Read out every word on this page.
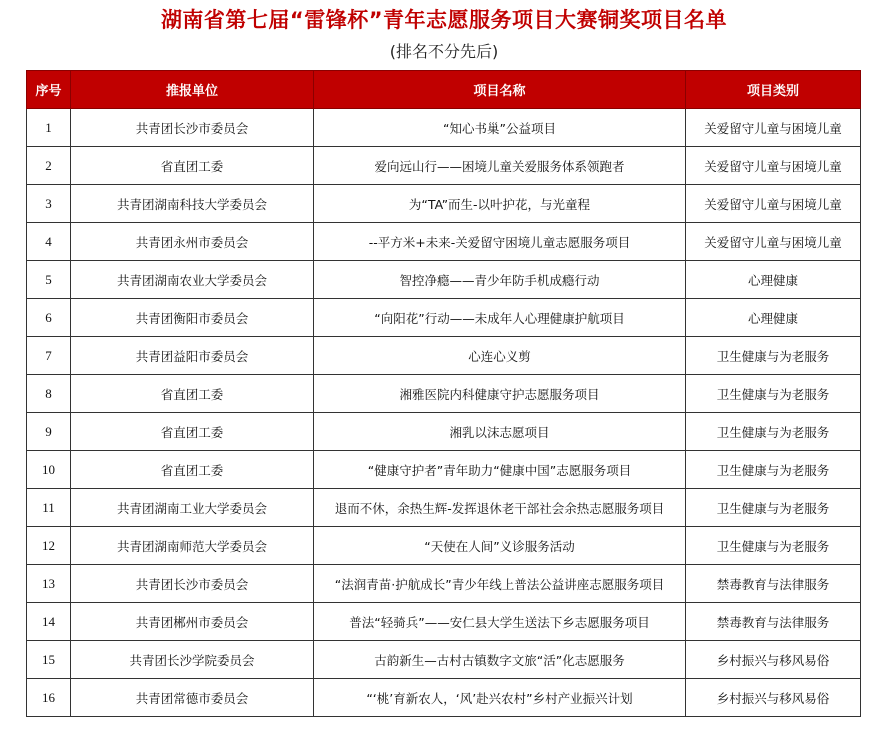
湖南省第七届“雷锋杯”青年志愿服务项目大赛铜奖项目名单
(排名不分先后)
序号	推报单位	项目名称	项目类别
1	共青团长沙市委员会	“知心书巢”公益项目	关爱留守儿童与困境儿童
2	省直团工委	爱向远山行——困境儿童关爱服务体系领跑者	关爱留守儿童与困境儿童
3	共青团湖南科技大学委员会	为“TA”而生-以叶护花，与光童程	关爱留守儿童与困境儿童
4	共青团永州市委员会	--平方米+未来-关爱留守困境儿童志愿服务项目	关爱留守儿童与困境儿童
5	共青团湖南农业大学委员会	智控净瘾——青少年防手机成瘾行动	心理健康
6	共青团衡阳市委员会	“向阳花”行动——未成年人心理健康护航项目	心理健康
7	共青团益阳市委员会	心连心义剪	卫生健康与为老服务
8	省直团工委	湘雅医院内科健康守护志愿服务项目	卫生健康与为老服务
9	省直团工委	湘乳以沫志愿项目	卫生健康与为老服务
10	省直团工委	“健康守护者”青年助力“健康中国”志愿服务项目	卫生健康与为老服务
11	共青团湖南工业大学委员会	退而不休，余热生辉-发挥退休老干部社会余热志愿服务项目	卫生健康与为老服务
12	共青团湖南师范大学委员会	“天使在人间”义诊服务活动	卫生健康与为老服务
13	共青团长沙市委员会	“法润青苗·护航成长”青少年线上普法公益讲座志愿服务项目	禁毒教育与法律服务
14	共青团郴州市委员会	普法“轻骑兵”——安仁县大学生送法下乡志愿服务项目	禁毒教育与法律服务
15	共青团长沙学院委员会	古韵新生—古村古镇数字文旅“活”化志愿服务	乡村振兴与移风易俗
16	共青团常德市委员会	“‘桃’育新农人，‘风’赴兴农村”乡村产业振兴计划	乡村振兴与移风易俗
